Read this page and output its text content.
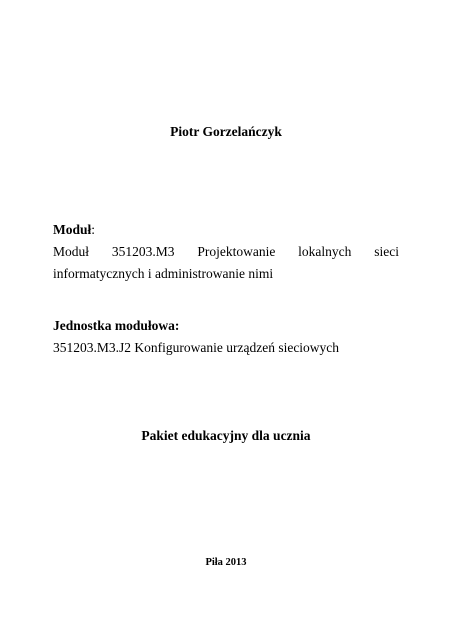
Piotr Gorzelańczyk
Moduł:
Moduł 351203.M3 Projektowanie lokalnych sieci
informatycznych i administrowanie nimi
Jednostka modułowa:
351203.M3.J2 Konfigurowanie urządzeń sieciowych
Pakiet edukacyjny dla ucznia
Piła 2013
